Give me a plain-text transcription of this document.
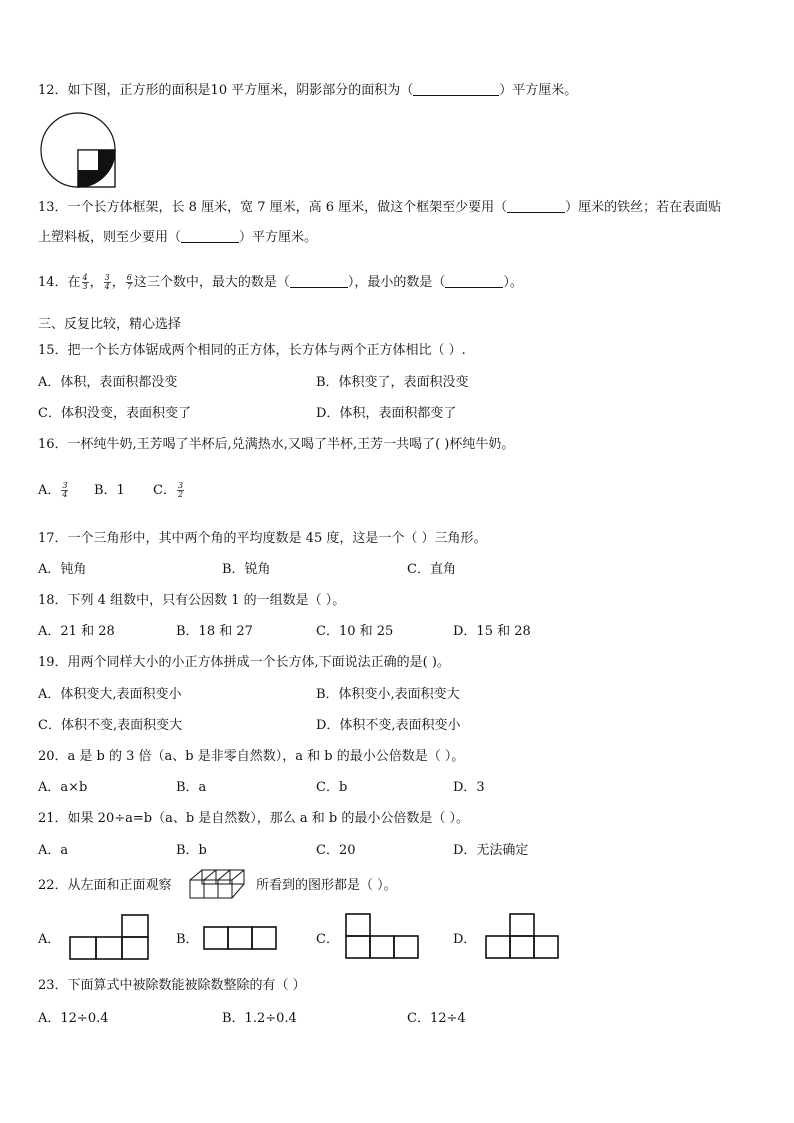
12．如下图，正方形的面积是10 平方厘米，阴影部分的面积为（	）平方厘米。
13．一个长方体框架，长 8 厘米，宽 7 厘米，高 6 厘米，做这个框架至少要用（	）厘米的铁丝；若在表面贴
上塑料板，则至少要用（	）平方厘米。
14．在 $\frac{4}{3}$ ， $\frac{3}{4}$ ， $\frac{6}{7}$ 这三个数中，最大的数是（	），最小的数是（	）。
三、反复比较，精心选择
15．把一个长方体锯成两个相同的正方体，长方体与两个正方体相比（ ）.
A．体积，表面积都没变	B．体积变了，表面积没变
C．体积没变，表面积变了	D．体积，表面积都变了
16．一杯纯牛奶,王芳喝了半杯后,兑满热水,又喝了半杯,王芳一共喝了( )杯纯牛奶。
A． $\frac{3}{4}$ B．1 C． $\frac{3}{2}$
17．一个三角形中，其中两个角的平均度数是 45 度，这是一个（ ）三角形。
A．钝角	B．锐角	C．直角
18．下列 4 组数中，只有公因数 1 的一组数是（ ）。
A．21 和 28	B．18 和 27	C．10 和 25	D．15 和 28
19．用两个同样大小的小正方体拼成一个长方体,下面说法正确的是( )。
A．体积变大,表面积变小	B．体积变小,表面积变大
C．体积不变,表面积变大	D．体积不变,表面积变小
20．a 是 b 的 3 倍（a、b 是非零自然数），a 和 b 的最小公倍数是（ ）。
A．a×b	B．a	C．b	D．3
21．如果 20÷a=b（a、b 是自然数），那么 a 和 b 的最小公倍数是（ ）。
A．a	B．b	C．20	D．无法确定
22．从左面和正面观察	所看到的图形都是（ ）。
A．	B．	C．	D．
23．下面算式中被除数能被除数整除的有（ ）
A．12÷0.4	B．1.2÷0.4	C．12÷4
